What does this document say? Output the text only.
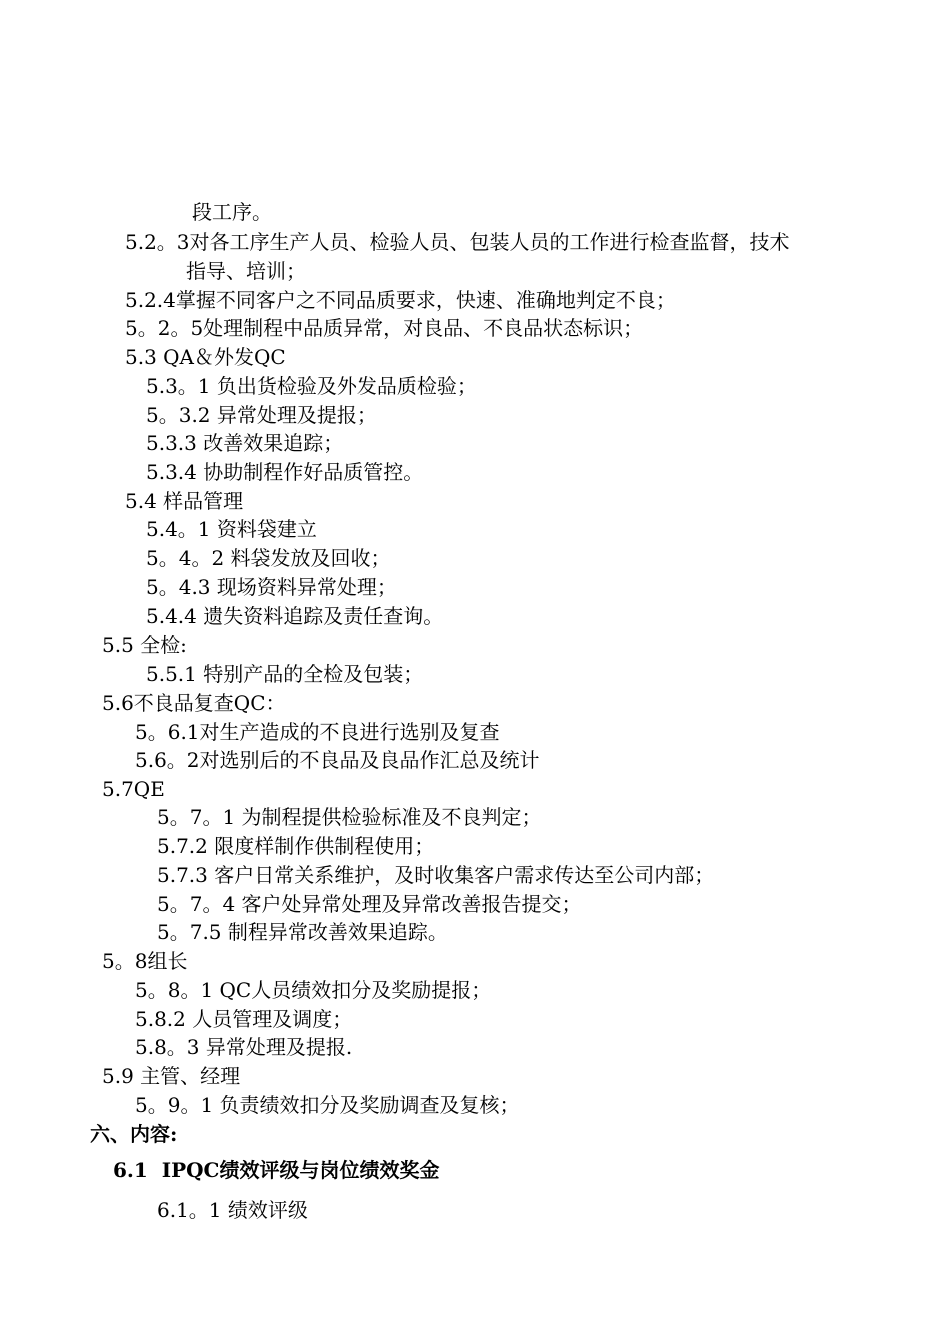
段工序。
5.2。3对各工序生产人员、检验人员、包装人员的工作进行检查监督，技术
指导、培训；
5.2.4掌握不同客户之不同品质要求，快速、准确地判定不良；
5。2。5处理制程中品质异常，对良品、不良品状态标识；
5.3 QA＆外发QC
5.3。1 负出货检验及外发品质检验；
5。3.2 异常处理及提报；
5.3.3 改善效果追踪；
5.3.4 协助制程作好品质管控。
5.4 样品管理
5.4。1 资料袋建立
5。4。2 料袋发放及回收；
5。4.3 现场资料异常处理；
5.4.4 遗失资料追踪及责任查询。
5.5 全检:
5.5.1 特别产品的全检及包装；
5.6不良品复查QC：
5。6.1对生产造成的不良进行选别及复查
5.6。2对选别后的不良品及良品作汇总及统计
5.7QE
5。7。1 为制程提供检验标准及不良判定；
5.7.2 限度样制作供制程使用；
5.7.3 客户日常关系维护，及时收集客户需求传达至公司内部；
5。7。4 客户处异常处理及异常改善报告提交；
5。7.5 制程异常改善效果追踪。
5。8组长
5。8。1 QC人员绩效扣分及奖励提报；
5.8.2 人员管理及调度；
5.8。3 异常处理及提报.
5.9 主管、经理
5。9。1 负责绩效扣分及奖励调查及复核；
六、内容:
6.1  IPQC绩效评级与岗位绩效奖金
6.1。1 绩效评级
